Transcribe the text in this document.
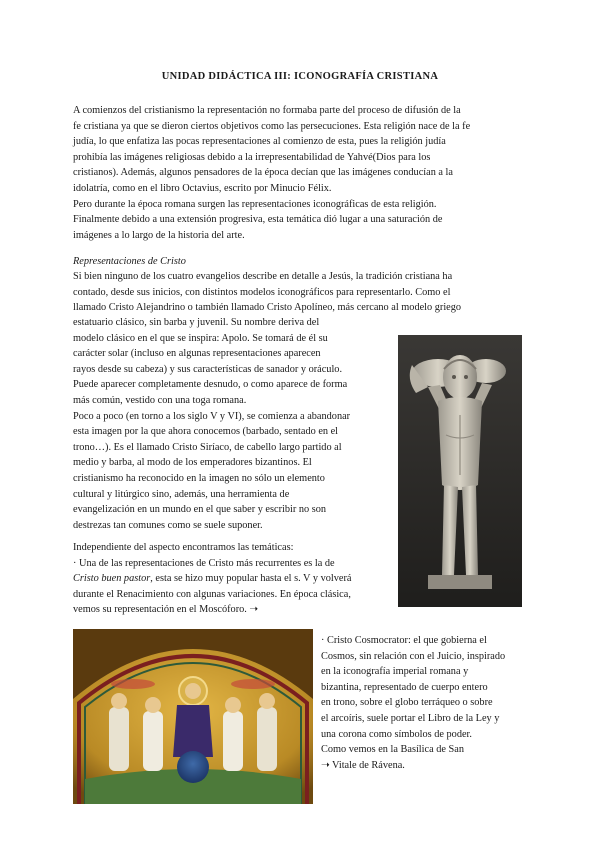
UNIDAD DIDÁCTICA III: ICONOGRAFÍA CRISTIANA

A comienzos del cristianismo la representación no formaba parte del proceso de difusión de la

fe cristiana ya que se dieron ciertos objetivos como las persecuciones. Esta religión nace de la fe

judía, lo que enfatiza las pocas representaciones al comienzo de esta, pues la religión judía

prohibía las imágenes religiosas debido a la irrepresentabilidad de Yahvé(Dios para los

cristianos). Además, algunos pensadores de la época decían que las imágenes conducían a la

idolatría, como en el libro Octavius, escrito por Minucio Félix.

Pero durante la época romana surgen las representaciones iconográficas de esta religión.

Finalmente debido a una extensión progresiva, esta temática dió lugar a una saturación de

imágenes a lo largo de la historia del arte.

Representaciones de Cristo

Si bien ninguno de los cuatro evangelios describe en detalle a Jesús, la tradición cristiana ha

contado, desde sus inicios, con distintos modelos iconográficos para representarlo. Como el

llamado Cristo Alejandrino o también llamado Cristo Apolíneo, más cercano al modelo griego

estatuario clásico, sin barba y juvenil. Su nombre deriva del

modelo clásico en el que se inspira: Apolo. Se tomará de él su

carácter solar (incluso en algunas representaciones aparecen

rayos desde su cabeza) y sus características de sanador y oráculo.

Puede aparecer completamente desnudo, o como aparece de forma

más común, vestido con una toga romana.

Poco a poco (en torno a los siglo V y VI), se comienza a abandonar

esta imagen por la que ahora conocemos (barbado, sentado en el

trono…). Es el llamado Cristo Siríaco, de cabello largo partido al

medio y barba, al modo de los emperadores bizantinos. El

cristianismo ha reconocido en la imagen no sólo un elemento

cultural y litúrgico sino, además, una herramienta de

evangelización en un mundo en el que saber y escribir no son

destrezas tan comunes como se suele suponer.

Independiente del aspecto encontramos las temáticas:

· Una de las representaciones de Cristo más recurrentes es la de

Cristo buen pastor, esta se hizo muy popular hasta el s. V y volverá

durante el Renacimiento con algunas variaciones. En época clásica,

vemos su representación en el Moscóforo. ➝

· Cristo Cosmocrator: el que gobierna el

Cosmos, sin relación con el Juicio, inspirado

en la iconografía imperial romana y

bizantina, representado de cuerpo entero

en trono, sobre el globo terráqueo o sobre

el arcoíris, suele portar el Libro de la Ley y

una corona como símbolos de poder.

Como vemos en la Basílica de San

➝ Vitale de Rávena.
